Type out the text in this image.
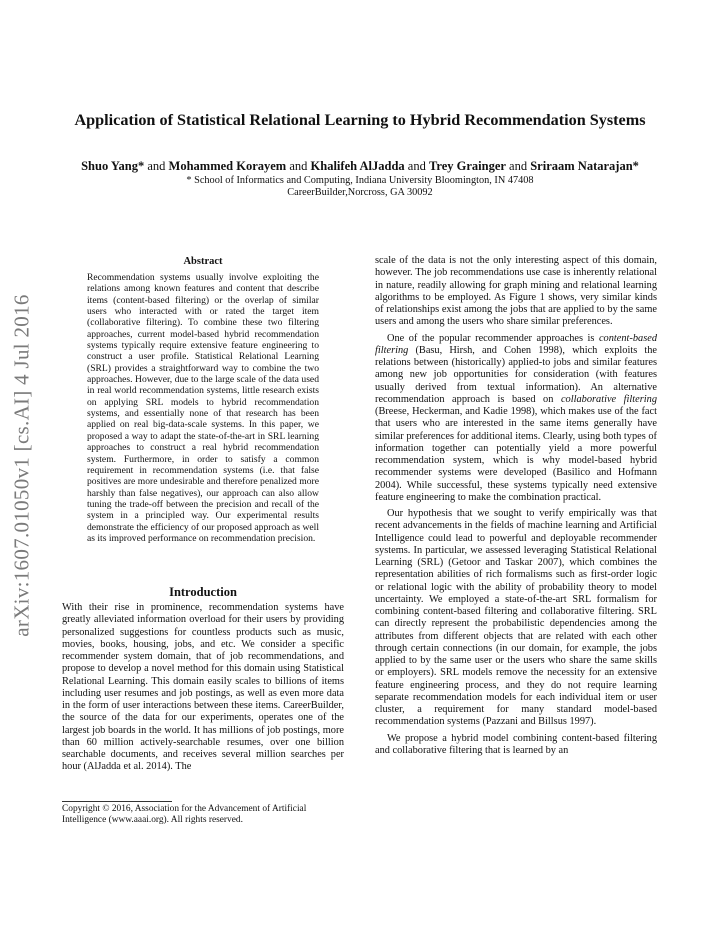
arXiv:1607.01050v1 [cs.AI] 4 Jul 2016
Application of Statistical Relational Learning to Hybrid Recommendation Systems
Shuo Yang* and Mohammed Korayem and Khalifeh AlJadda and Trey Grainger and Sriraam Natarajan*
* School of Informatics and Computing, Indiana University Bloomington, IN 47408
CareerBuilder,Norcross, GA 30092
Abstract
Recommendation systems usually involve exploiting the relations among known features and content that describe items (content-based filtering) or the overlap of similar users who interacted with or rated the target item (collaborative filtering). To combine these two filtering approaches, current model-based hybrid recommendation systems typically require extensive feature engineering to construct a user profile. Statistical Relational Learning (SRL) provides a straightforward way to combine the two approaches. However, due to the large scale of the data used in real world recommendation systems, little research exists on applying SRL models to hybrid recommendation systems, and essentially none of that research has been applied on real big-data-scale systems. In this paper, we proposed a way to adapt the state-of-the-art in SRL learning approaches to construct a real hybrid recommendation system. Furthermore, in order to satisfy a common requirement in recommendation systems (i.e. that false positives are more undesirable and therefore penalized more harshly than false negatives), our approach can also allow tuning the trade-off between the precision and recall of the system in a principled way. Our experimental results demonstrate the efficiency of our proposed approach as well as its improved performance on recommendation precision.
Introduction
With their rise in prominence, recommendation systems have greatly alleviated information overload for their users by providing personalized suggestions for countless products such as music, movies, books, housing, jobs, and etc. We consider a specific recommender system domain, that of job recommendations, and propose to develop a novel method for this domain using Statistical Relational Learning. This domain easily scales to billions of items including user resumes and job postings, as well as even more data in the form of user interactions between these items. CareerBuilder, the source of the data for our experiments, operates one of the largest job boards in the world. It has millions of job postings, more than 60 million actively-searchable resumes, over one billion searchable documents, and receives several million searches per hour (AlJadda et al. 2014). The
Copyright © 2016, Association for the Advancement of Artificial Intelligence (www.aaai.org). All rights reserved.

scale of the data is not the only interesting aspect of this domain, however. The job recommendations use case is inherently relational in nature, readily allowing for graph mining and relational learning algorithms to be employed. As Figure 1 shows, very similar kinds of relationships exist among the jobs that are applied to by the same users and among the users who share similar preferences.

One of the popular recommender approaches is content-based filtering (Basu, Hirsh, and Cohen 1998), which exploits the relations between (historically) applied-to jobs and similar features among new job opportunities for consideration (with features usually derived from textual information). An alternative recommendation approach is based on collaborative filtering (Breese, Heckerman, and Kadie 1998), which makes use of the fact that users who are interested in the same items generally have similar preferences for additional items. Clearly, using both types of information together can potentially yield a more powerful recommendation system, which is why model-based hybrid recommender systems were developed (Basilico and Hofmann 2004). While successful, these systems typically need extensive feature engineering to make the combination practical.

Our hypothesis that we sought to verify empirically was that recent advancements in the fields of machine learning and Artificial Intelligence could lead to powerful and deployable recommender systems. In particular, we assessed leveraging Statistical Relational Learning (SRL) (Getoor and Taskar 2007), which combines the representation abilities of rich formalisms such as first-order logic or relational logic with the ability of probability theory to model uncertainty. We employed a state-of-the-art SRL formalism for combining content-based filtering and collaborative filtering. SRL can directly represent the probabilistic dependencies among the attributes from different objects that are related with each other through certain connections (in our domain, for example, the jobs applied to by the same user or the users who share the same skills or employers). SRL models remove the necessity for an extensive feature engineering process, and they do not require learning separate recommendation models for each individual item or user cluster, a requirement for many standard model-based recommendation systems (Pazzani and Billsus 1997).

We propose a hybrid model combining content-based filtering and collaborative filtering that is learned by an
